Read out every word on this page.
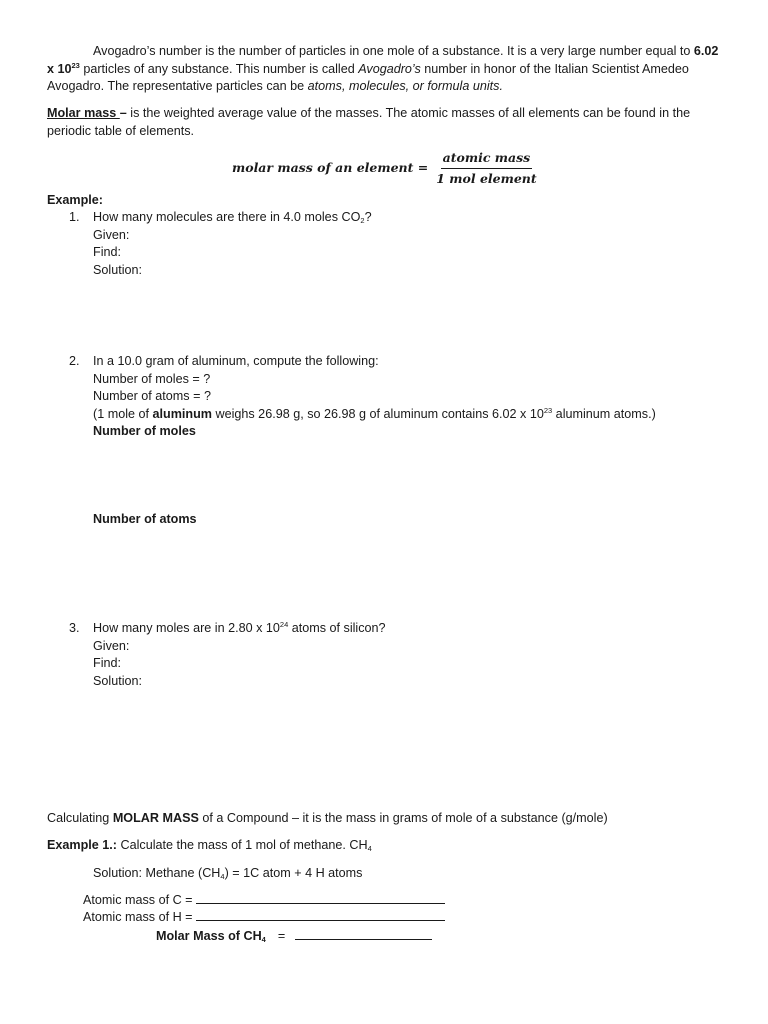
Avogadro’s number is the number of particles in one mole of a substance. It is a very large number equal to 6.02 x $10^{23}$ particles of any substance. This number is called Avogadro’s number in honor of the Italian Scientist Amedeo Avogadro. The representative particles can be atoms, molecules, or formula units.

Molar mass – is the weighted average value of the masses. The atomic masses of all elements can be found in the periodic table of elements.

molar mass of an element = $\frac{\text{atomic mass}}{\text{1 mol element}}$

Example:

1. How many molecules are there in 4.0 moles $CO_2$?

Given:

Find:

Solution:

2. In a 10.0 gram of aluminum, compute the following:

Number of moles = ?

Number of atoms = ?

(1 mole of aluminum weighs 26.98 g, so 26.98 g of aluminum contains 6.02 x $10^{23}$ aluminum atoms.)

Number of moles

Number of atoms

3. How many moles are in 2.80 x $10^{24}$ atoms of silicon?

Given:

Find:

Solution:

Calculating MOLAR MASS of a Compound – it is the mass in grams of mole of a substance (g/mole)

Example 1.: Calculate the mass of 1 mol of methane. $CH_4$

Solution: Methane $(CH_4) = 1C$ atom + 4 H atoms

Atomic mass of C =

Atomic mass of H =

Molar Mass of $CH_4$ =
